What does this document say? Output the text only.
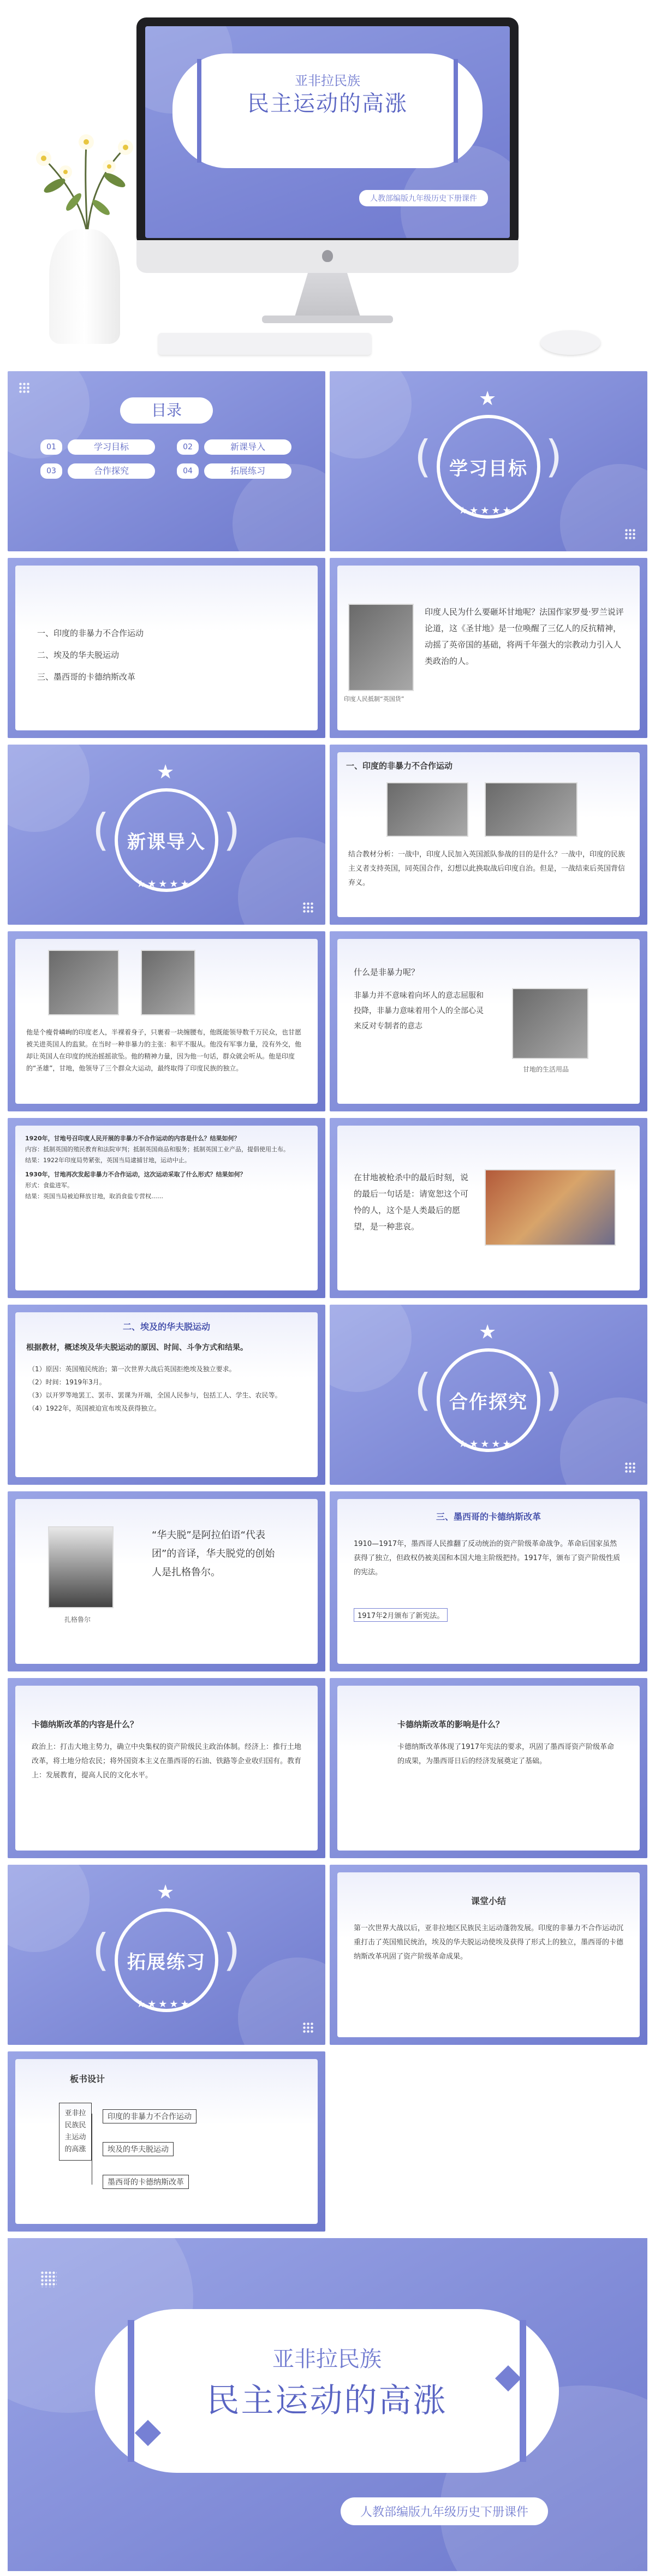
亚非拉民族
民主运动的高涨
人教部编版九年级历史下册课件
目录
01	学习目标	02	新课导入
03	合作探究	04	拓展练习
★
(	)
学习目标
★★★★★
一、印度的非暴力不合作运动
二、埃及的华夫脱运动
三、墨西哥的卡德纳斯改革
印度人民抵制“英国货”
印度人民为什么要砸坏甘地呢？法国作家罗曼·罗兰说评论道，这《圣甘地》是一位唤醒了三亿人的反抗精神，动摇了英帝国的基础，将两千年强大的宗教动力引入人类政治的人。
★
(	)
新课导入
★★★★★
一、印度的非暴力不合作运动
结合教材分析：一战中，印度人民加入英国派队参战的目的是什么？一战中，印度的民族主义者支持英国，同英国合作，幻想以此换取战后印度自治。但是，一战结束后英国背信弃义。
他是个瘦骨嶙峋的印度老人，半裸着身子，只裹着一块缠腰布，他既能领导数千万民众，也甘愿被关进英国人的监狱。在当时一种非暴力的主张：和平不服从。他没有军事力量，没有外交，他却让英国人在印度的统治摇摇欲坠。他的精神力量，因为他一句话，群众就会听从。他是印度的“圣雄”，甘地，他领导了三个群众大运动，最终取得了印度民族的独立。
什么是非暴力呢？
非暴力并不意味着向坏人的意志屈服和投降，非暴力意味着用个人的全部心灵来反对专制者的意志
甘地的生活用品
1920年，甘地号召印度人民开展的非暴力不合作运动的内容是什么？结果如何？
内容：抵制英国的殖民教育和法院审判；抵制英国商品和服务；抵制英国工业产品，提倡使用土布。
结果：1922年印度局势紧张，英国当局逮捕甘地，运动中止。
1930年，甘地再次发起非暴力不合作运动，这次运动采取了什么形式？结果如何？
形式：食盐进军。
结果：英国当局被迫释放甘地，取消食盐专营权……
在甘地被枪杀中的最后时刻，说的最后一句话是：请宽恕这个可怜的人，这个是人类最后的愿望，是一种悲哀。
二、埃及的华夫脱运动
根据教材，概述埃及华夫脱运动的原因、时间、斗争方式和结果。
（1）原因：英国殖民统治；第一次世界大战后英国拒绝埃及独立要求。
（2）时间：1919年3月。
（3）以开罗等地罢工、罢市、罢课为开端，全国人民参与，包括工人、学生、农民等。
（4）1922年，英国被迫宣布埃及获得独立。
★
(	)
合作探究
★★★★★
扎格鲁尔
“华夫脱”是阿拉伯语“代表团”的音译，华夫脱党的创始人是扎格鲁尔。
三、墨西哥的卡德纳斯改革
1910—1917年，墨西哥人民推翻了反动统治的资产阶级革命战争。革命后国家虽然获得了独立，但政权仍被美国和本国大地主阶级把持。1917年，颁布了资产阶级性质的宪法。
1917年2月颁布了新宪法。
卡德纳斯改革的内容是什么？
政治上：打击大地主势力，确立中央集权的资产阶级民主政治体制。经济上：推行土地改革，将土地分给农民；将外国资本主义在墨西哥的石油、铁路等企业收归国有。教育上：发展教育，提高人民的文化水平。
卡德纳斯改革的影响是什么？
卡德纳斯改革体现了1917年宪法的要求，巩固了墨西哥资产阶级革命的成果，为墨西哥日后的经济发展奠定了基础。
★
(	)
拓展练习
★★★★★
课堂小结
第一次世界大战以后，亚非拉地区民族民主运动蓬勃发展。印度的非暴力不合作运动沉重打击了英国殖民统治，埃及的华夫脱运动使埃及获得了形式上的独立，墨西哥的卡德纳斯改革巩固了资产阶级革命成果。
板书设计
亚非拉民族民主运动的高涨
印度的非暴力不合作运动
埃及的华夫脱运动
墨西哥的卡德纳斯改革
亚非拉民族
民主运动的高涨
人教部编版九年级历史下册课件
